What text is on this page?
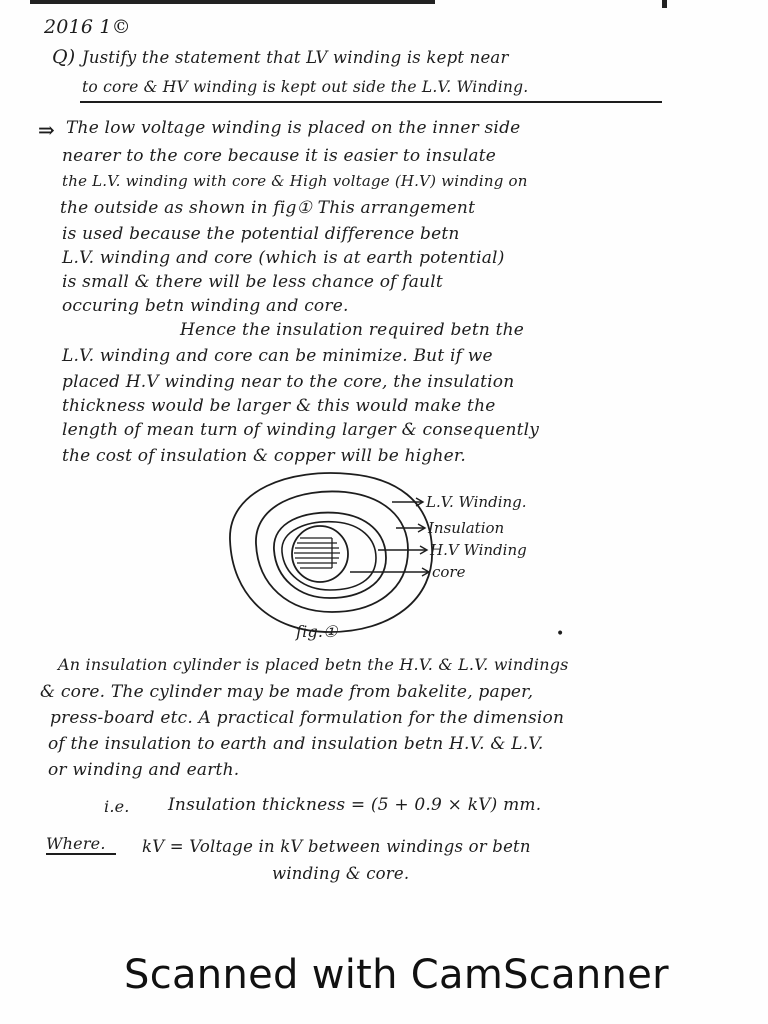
2016 1©
Q) Justify the statement that LV winding is kept near
to core & HV winding is kept out side the L.V. Winding.
⇒ The low voltage winding is placed on the inner side
nearer to the core because it is easier to insulate
the L.V. winding with core & High voltage (H.V) winding on
the outside as shown in fig① This arrangement
is used because the potential difference betn
L.V. winding and core (which is at earth potential)
is small & there will be less chance of fault
occuring betn winding and core.
Hence the insulation required betn the
L.V. winding and core can be minimize. But if we
placed H.V winding near to the core, the insulation
thickness would be larger & this would make the
length of mean turn of winding larger & consequently
the cost of insulation & copper will be higher.
L.V. Winding.
Insulation
H.V Winding
core
fig.①	•
An insulation cylinder is placed betn the H.V. & L.V. windings
& core. The cylinder may be made from bakelite, paper,
press-board etc. A practical formulation for the dimension
of the insulation to earth and insulation betn H.V. & L.V.
or winding and earth.
i.e. Insulation thickness = (5 + 0.9 × kV) mm.
Where. kV = Voltage in kV between windings or betn
winding & core.
Scanned with CamScanner
